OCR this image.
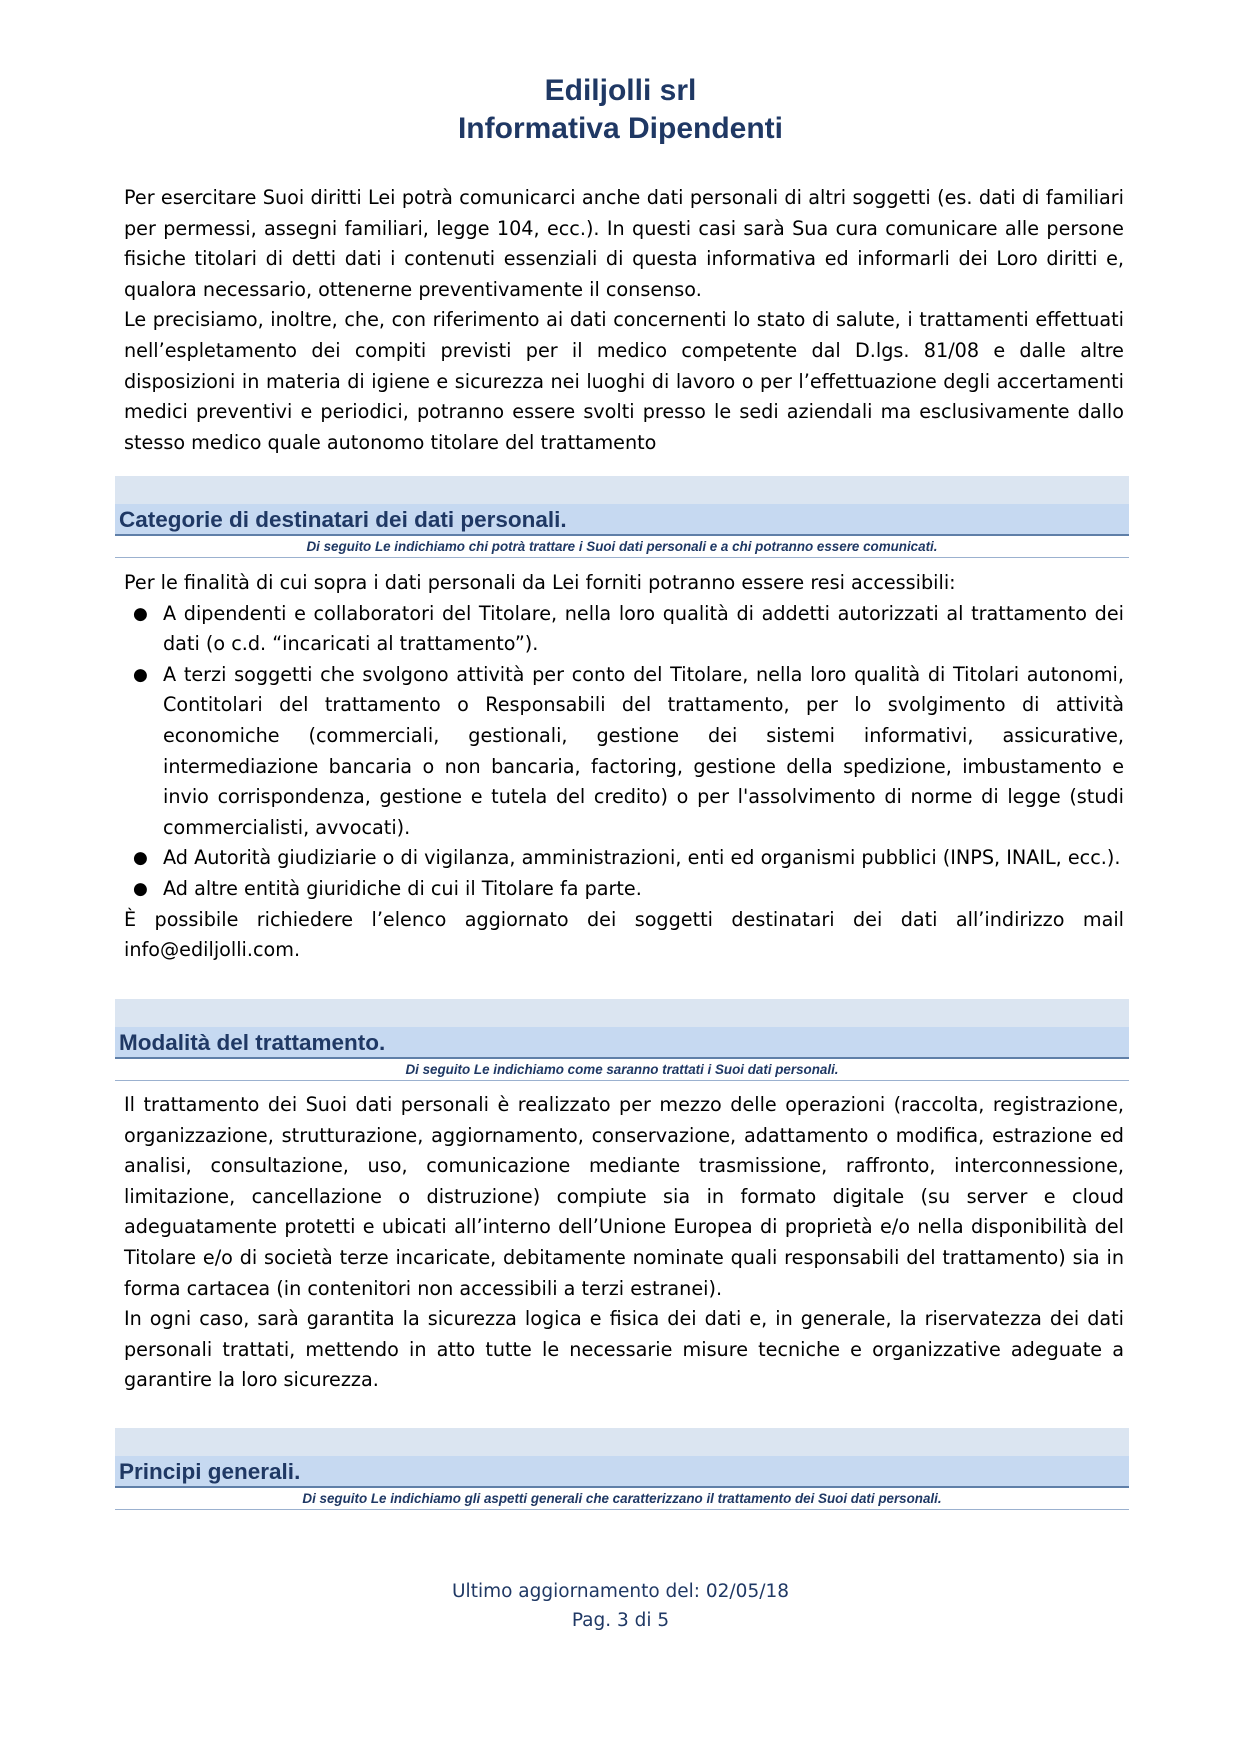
Ediljolli srl
Informativa Dipendenti

Per esercitare Suoi diritti Lei potrà comunicarci anche dati personali di altri soggetti (es. dati di familiari per permessi, assegni familiari, legge 104, ecc.). In questi casi sarà Sua cura comunicare alle persone fisiche titolari di detti dati i contenuti essenziali di questa informativa ed informarli dei Loro diritti e, qualora necessario, ottenerne preventivamente il consenso.

Le precisiamo, inoltre, che, con riferimento ai dati concernenti lo stato di salute, i trattamenti effettuati nell’espletamento dei compiti previsti per il medico competente dal D.lgs. 81/08 e dalle altre disposizioni in materia di igiene e sicurezza nei luoghi di lavoro o per l’effettuazione degli accertamenti medici preventivi e periodici, potranno essere svolti presso le sedi aziendali ma esclusivamente dallo stesso medico quale autonomo titolare del trattamento

Categorie di destinatari dei dati personali.
Di seguito Le indichiamo chi potrà trattare i Suoi dati personali e a chi potranno essere comunicati.

Per le finalità di cui sopra i dati personali da Lei forniti potranno essere resi accessibili:

● A dipendenti e collaboratori del Titolare, nella loro qualità di addetti autorizzati al trattamento dei dati (o c.d. “incaricati al trattamento”).
● A terzi soggetti che svolgono attività per conto del Titolare, nella loro qualità di Titolari autonomi, Contitolari del trattamento o Responsabili del trattamento, per lo svolgimento di attività economiche (commerciali, gestionali, gestione dei sistemi informativi, assicurative, intermediazione bancaria o non bancaria, factoring, gestione della spedizione, imbustamento e invio corrispondenza, gestione e tutela del credito) o per l'assolvimento di norme di legge (studi commercialisti, avvocati).
● Ad Autorità giudiziarie o di vigilanza, amministrazioni, enti ed organismi pubblici (INPS, INAIL, ecc.).
● Ad altre entità giuridiche di cui il Titolare fa parte.

È possibile richiedere l’elenco aggiornato dei soggetti destinatari dei dati all’indirizzo mail info@ediljolli.com.

Modalità del trattamento.
Di seguito Le indichiamo come saranno trattati i Suoi dati personali.

Il trattamento dei Suoi dati personali è realizzato per mezzo delle operazioni (raccolta, registrazione, organizzazione, strutturazione, aggiornamento, conservazione, adattamento o modifica, estrazione ed analisi, consultazione, uso, comunicazione mediante trasmissione, raffronto, interconnessione, limitazione, cancellazione o distruzione) compiute sia in formato digitale (su server e cloud adeguatamente protetti e ubicati all’interno dell’Unione Europea di proprietà e/o nella disponibilità del Titolare e/o di società terze incaricate, debitamente nominate quali responsabili del trattamento) sia in forma cartacea (in contenitori non accessibili a terzi estranei).

In ogni caso, sarà garantita la sicurezza logica e fisica dei dati e, in generale, la riservatezza dei dati personali trattati, mettendo in atto tutte le necessarie misure tecniche e organizzative adeguate a garantire la loro sicurezza.

Principi generali.
Di seguito Le indichiamo gli aspetti generali che caratterizzano il trattamento dei Suoi dati personali.
Ultimo aggiornamento del: 02/05/18
Pag. 3 di 5
